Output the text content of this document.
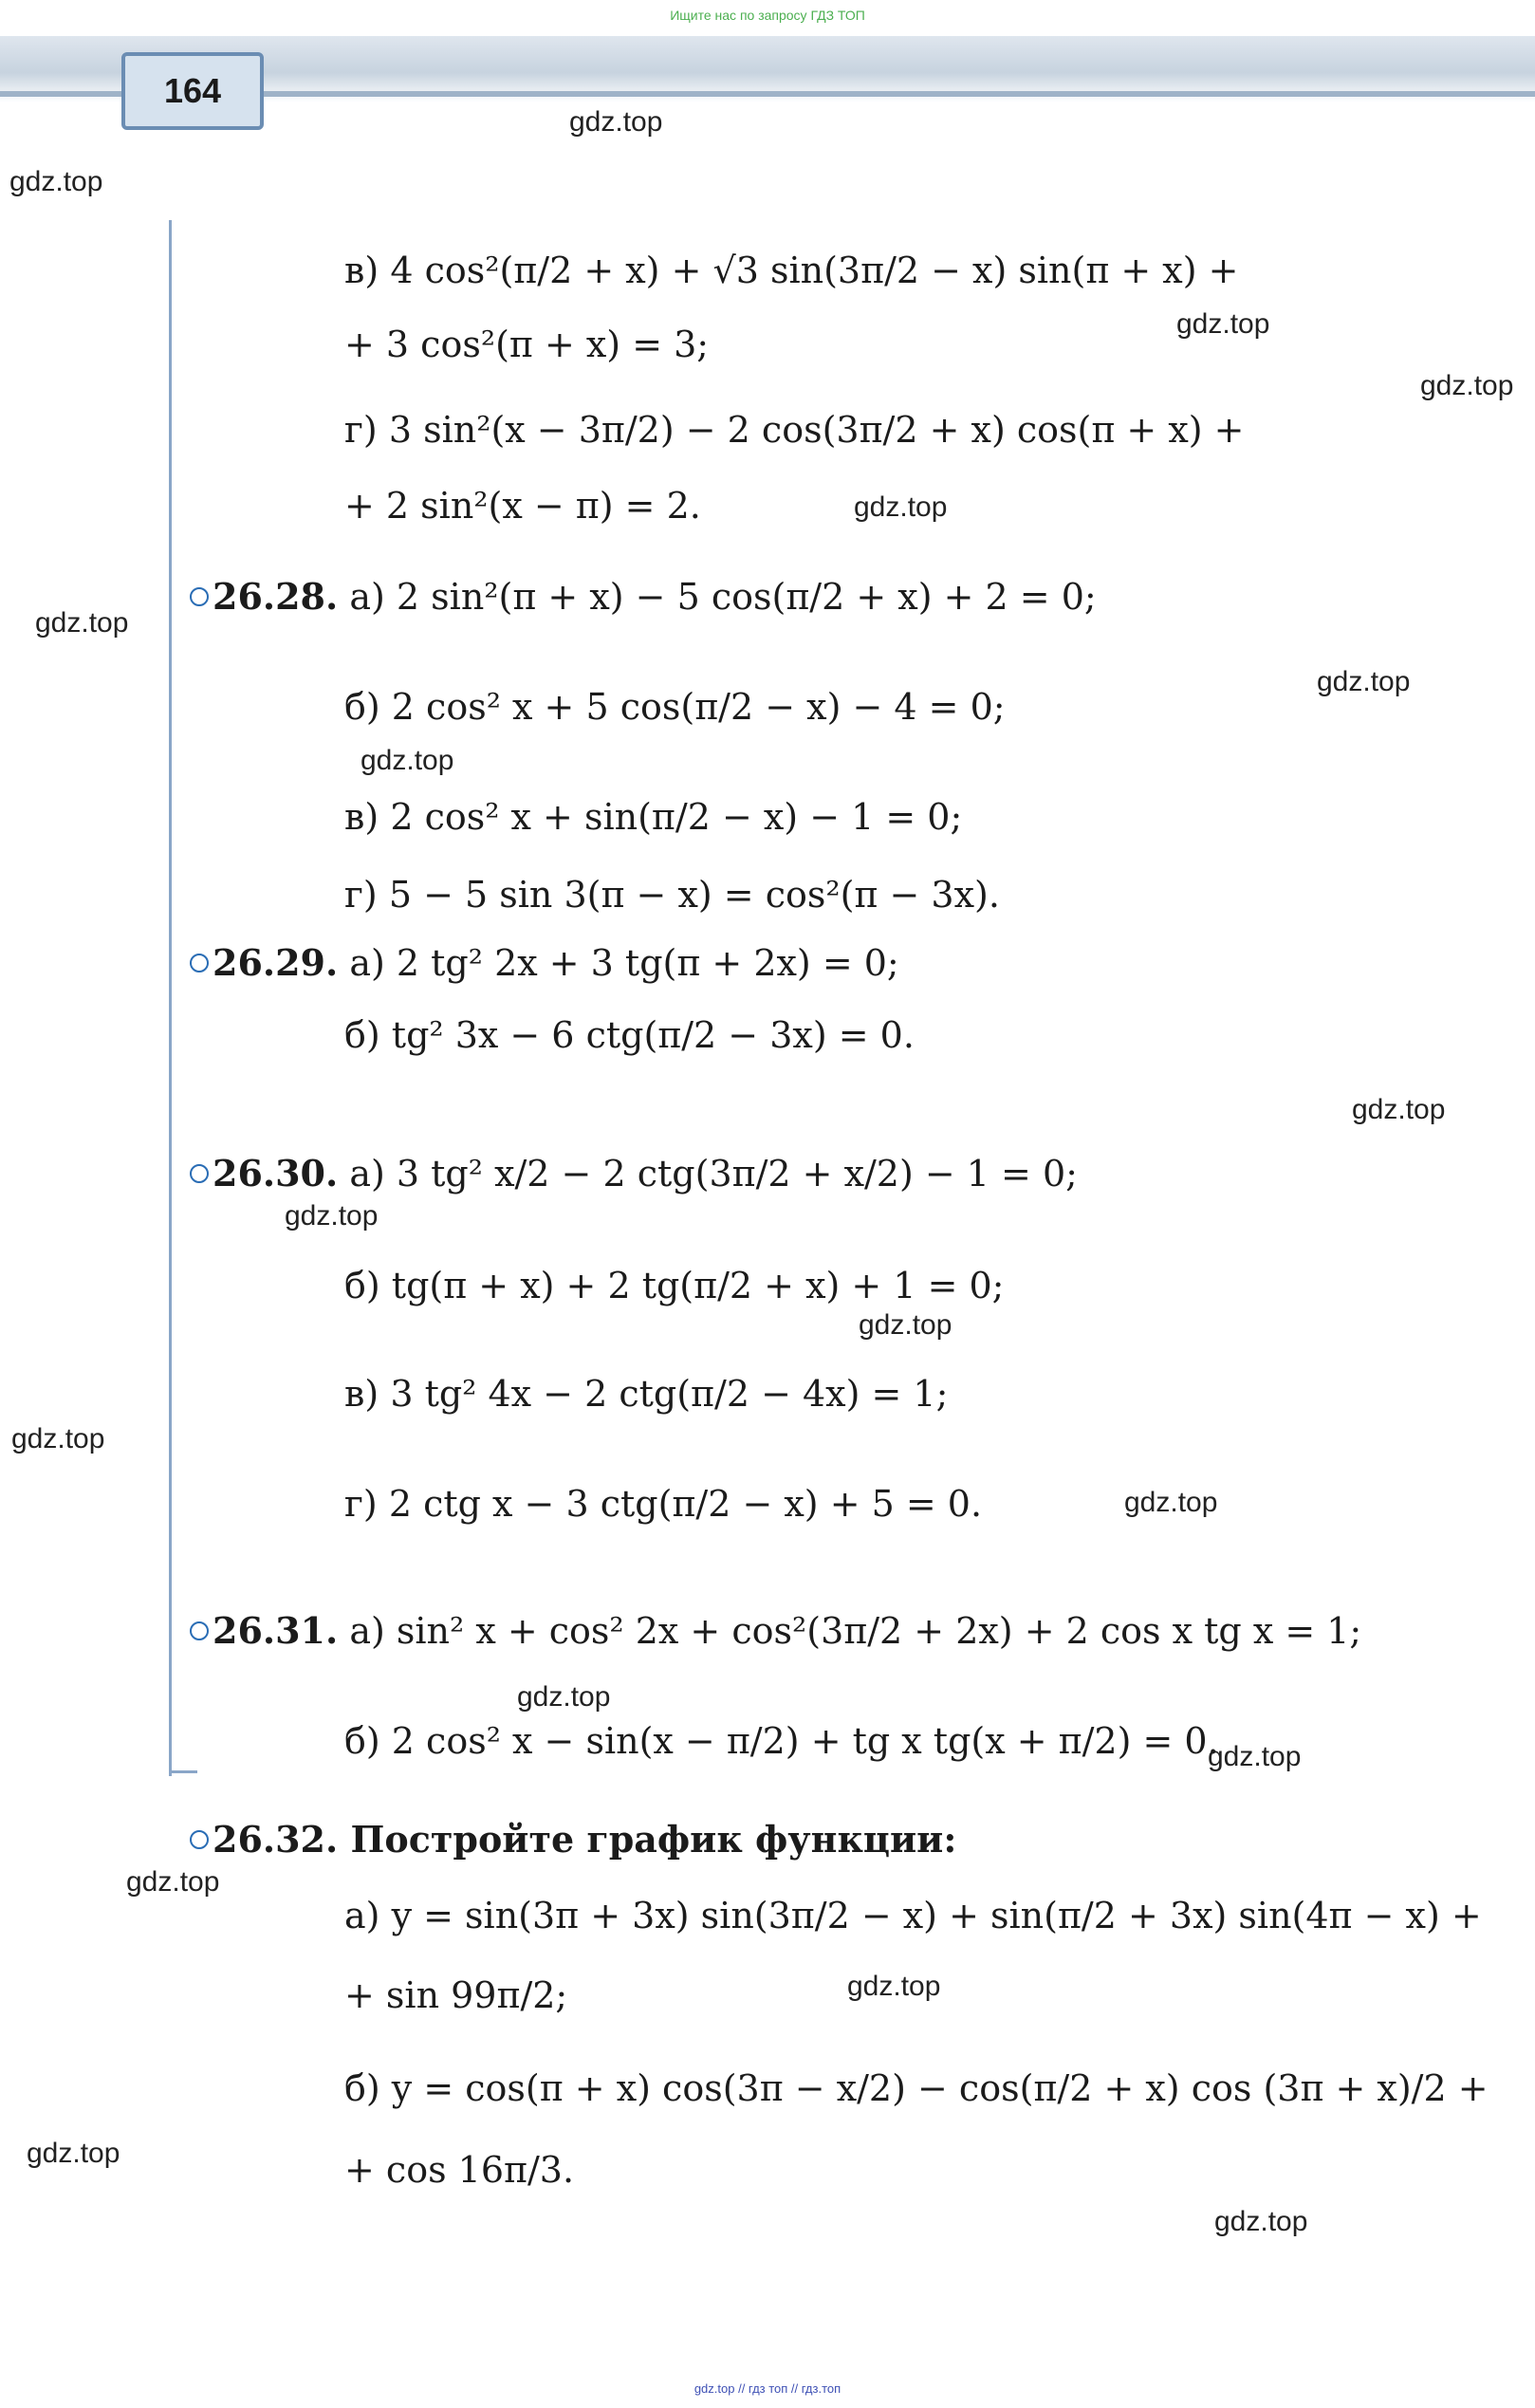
Ищите нас по запросу ГДЗ ТОП
164
gdz.top
gdz.top
gdz.top
gdz.top
gdz.top
gdz.top
gdz.top
gdz.top
gdz.top
gdz.top
gdz.top
gdz.top
gdz.top
gdz.top
gdz.top
gdz.top
gdz.top
gdz.top
gdz.top
в) 4 cos²(π/2 + x) + √3 sin(3π/2 − x) sin(π + x) +
+ 3 cos²(π + x) = 3;
г) 3 sin²(x − 3π/2) − 2 cos(3π/2 + x) cos(π + x) +
+ 2 sin²(x − π) = 2.
26.28. а) 2 sin²(π + x) − 5 cos(π/2 + x) + 2 = 0;
б) 2 cos² x + 5 cos(π/2 − x) − 4 = 0;
в) 2 cos² x + sin(π/2 − x) − 1 = 0;
г) 5 − 5 sin 3(π − x) = cos²(π − 3x).
26.29. а) 2 tg² 2x + 3 tg(π + 2x) = 0;
б) tg² 3x − 6 ctg(π/2 − 3x) = 0.
26.30. а) 3 tg² x/2 − 2 ctg(3π/2 + x/2) − 1 = 0;
б) tg(π + x) + 2 tg(π/2 + x) + 1 = 0;
в) 3 tg² 4x − 2 ctg(π/2 − 4x) = 1;
г) 2 ctg x − 3 ctg(π/2 − x) + 5 = 0.
26.31. а) sin² x + cos² 2x + cos²(3π/2 + 2x) + 2 cos x tg x = 1;
б) 2 cos² x − sin(x − π/2) + tg x tg(x + π/2) = 0.
26.32. Постройте график функции:
а) y = sin(3π + 3x) sin(3π/2 − x) + sin(π/2 + 3x) sin(4π − x) +
+ sin 99π/2;
б) y = cos(π + x) cos(3π − x/2) − cos(π/2 + x) cos (3π + x)/2 +
+ cos 16π/3.
gdz.top // гдз топ // гдз.топ
